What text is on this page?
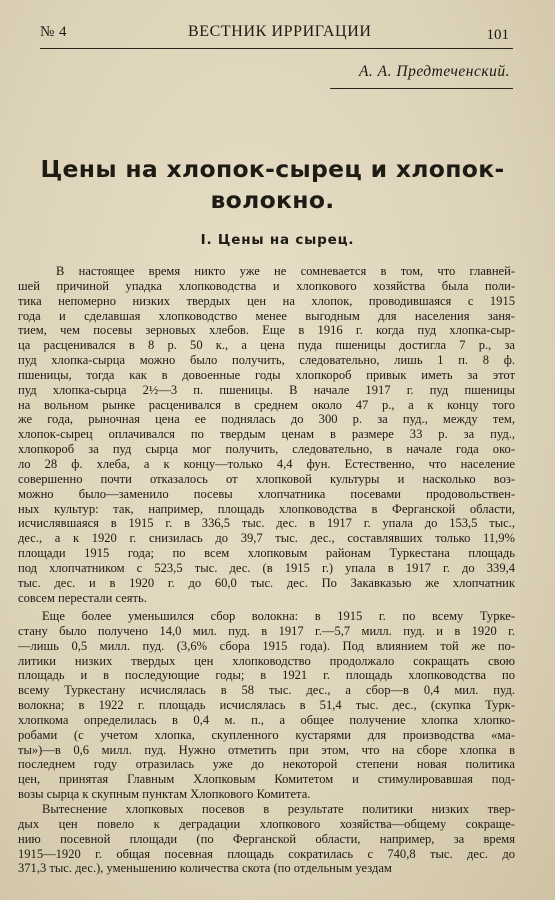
№ 4	ВЕСТНИК ИРРИГАЦИИ	101
А. А. Предтеченский.
Цены на хлопок-сырец и хлопок-
волокно.
I. Цены на сырец.
В настоящее время никто уже не сомневается в том, что главней-
шей причиной упадка хлопководства и хлопкового хозяйства была поли-
тика непомерно низких твердых цен на хлопок, проводившаяся с 1915
года и сделавшая хлопководство менее выгодным для населения заня-
тием, чем посевы зерновых хлебов. Еще в 1916 г. когда пуд хлопка-сыр-
ца расценивался в 8 р. 50 к., а цена пуда пшеницы достигла 7 р., за
пуд хлопка-сырца можно было получить, следовательно, лишь 1 п. 8 ф.
пшеницы, тогда как в довоенные годы хлопкороб привык иметь за этот
пуд хлопка-сырца 2½—3 п. пшеницы. В начале 1917 г. пуд пшеницы
на вольном рынке расценивался в среднем около 47 р., а к концу того
же года, рыночная цена ее поднялась до 300 р. за пуд., между тем,
хлопок-сырец оплачивался по твердым ценам в размере 33 р. за пуд.,
хлопкороб за пуд сырца мог получить, следовательно, в начале года око-
ло 28 ф. хлеба, а к концу—только 4,4 фун. Естественно, что население
совершенно почти отказалось от хлопковой культуры и насколько воз-
можно было—заменило посевы хлопчатника посевами продовольствен-
ных культур: так, например, площадь хлопководства в Ферганской области,
исчислявшаяся в 1915 г. в 336,5 тыс. дес. в 1917 г. упала до 153,5 тыс.,
дес., а к 1920 г. снизилась до 39,7 тыс. дес., составлявших только 11,9%
площади 1915 года; по всем хлопковым районам Туркестана площадь
под хлопчатником с 523,5 тыс. дес. (в 1915 г.) упала в 1917 г. до 339,4
тыс. дес. и в 1920 г. до 60,0 тыс. дес. По Закавказью же хлопчатник
совсем перестали сеять.
Еще более уменьшился сбор волокна: в 1915 г. по всему Турке-
стану было получено 14,0 мил. пуд. в 1917 г.—5,7 милл. пуд. и в 1920 г.
—лишь 0,5 милл. пуд. (3,6% сбора 1915 года). Под влиянием той же по-
литики низких твердых цен хлопководство продолжало сокращать свою
площадь и в последующие годы; в 1921 г. площадь хлопководства по
всему Туркестану исчислялась в 58 тыс. дес., а сбор—в 0,4 мил. пуд.
волокна; в 1922 г. площадь исчислялась в 51,4 тыс. дес., (скупка Турк-
хлопкома определилась в 0,4 м. п., а общее получение хлопка хлопко-
робами (с учетом хлопка, скупленного кустарями для производства «ма-
ты»)—в 0,6 милл. пуд. Нужно отметить при этом, что на сборе хлопка в
последнем году отразилась уже до некоторой степени новая политика
цен, принятая Главным Хлопковым Комитетом и стимулировавшая под-
возы сырца к скупным пунктам Хлопкового Комитета.
Вытеснение хлопковых посевов в результате политики низких твер-
дых цен повело к деградации хлопкового хозяйства—общему сокраще-
нию посевной площади (по Ферганской области, например, за время
1915—1920 г. общая посевная площадь сократилась с 740,8 тыс. дес. до
371,3 тыс. дес.), уменьшению количества скота (по отдельным уездам
